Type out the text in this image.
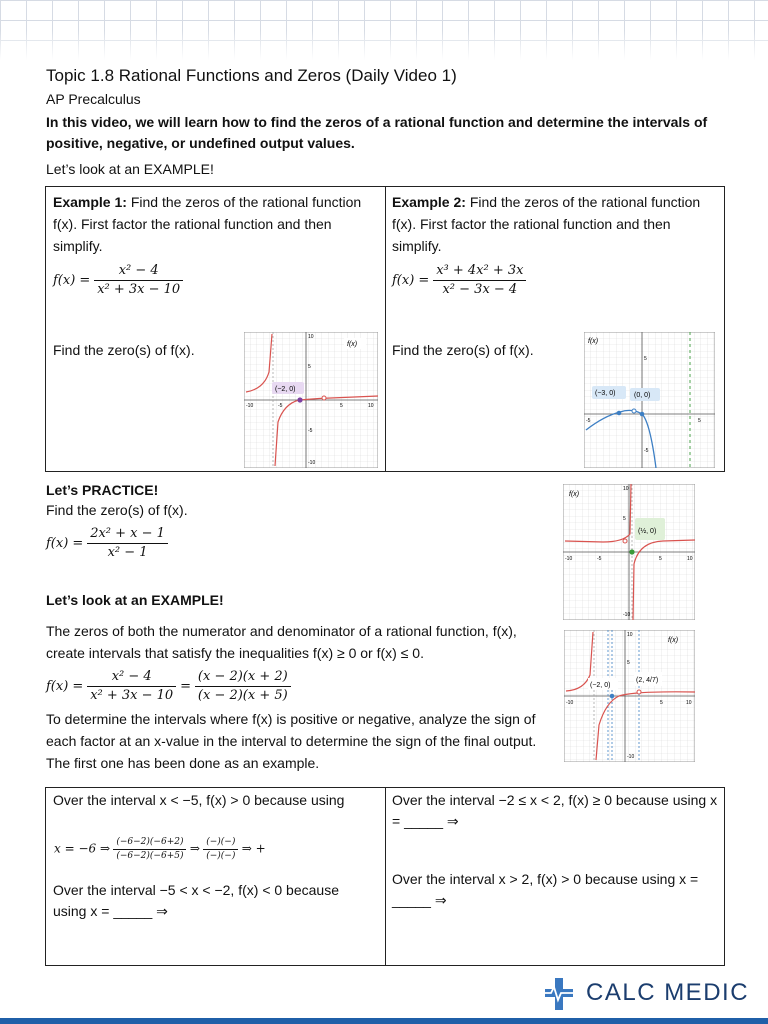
Topic 1.8 Rational Functions and Zeros (Daily Video 1)
AP Precalculus
In this video, we will learn how to find the zeros of a rational function and determine the intervals of positive, negative, or undefined output values.
Let’s look at an EXAMPLE!
Example 1: Find the zeros of the rational function f(x). First factor the rational function and then simplify.
$f(x) = \frac{\text{x² − 4}}{\text{x² + 3x − 10}}$
Find the zero(s) of f(x).
-10	-5	5	10
10
5
-5
-10
(−2, 0)
f(x)
Example 2: Find the zeros of the rational function f(x). First factor the rational function and then simplify.
$f(x) = \frac{\text{x³ + 4x² + 3x}}{\text{x² − 3x − 4}}$
Find the zero(s) of f(x).
-5	5
5
-5
(−3, 0)	(0, 0)
f(x)
Let’s PRACTICE!
Find the zero(s) of f(x).
$f(x) = \frac{\text{2x² + x − 1}}{\text{x² − 1}}$	-10	-5	5	10
10
5
-10
(½, 0)
f(x)
Let’s look at an EXAMPLE!
The zeros of both the numerator and denominator of a rational function, f(x), create intervals that satisfy the inequalities f(x) ≥ 0 or f(x) ≤ 0.
$f(x) = \frac{\text{x² − 4}}{\text{x² + 3x − 10}} = \frac{(x - 2)(x + 2)}{(x - 2)(x + 5)}$
To determine the intervals where f(x) is positive or negative, analyze the sign of each factor at an x-value in the interval to determine the sign of the final output. The first one has been done as an example.
-10	5	10
10
5
-10
(−2, 0)
(2, 4/7)
f(x)
Over the interval x < −5, f(x) > 0 because using
x = −6 ⇒ $\frac{(-6-2)(-6+2)}{(-6-2)(-6+5)}$ ⇒ $\frac{(-)(-)}{(-)(-)}$ ⇒ +
Over the interval −5 < x < −2, f(x) < 0 because using x = _____ ⇒
Over the interval −2 ≤ x < 2, f(x) ≥ 0 because using x = _____ ⇒
Over the interval x > 2, f(x) > 0 because using x = _____ ⇒
CALC MEDIC
